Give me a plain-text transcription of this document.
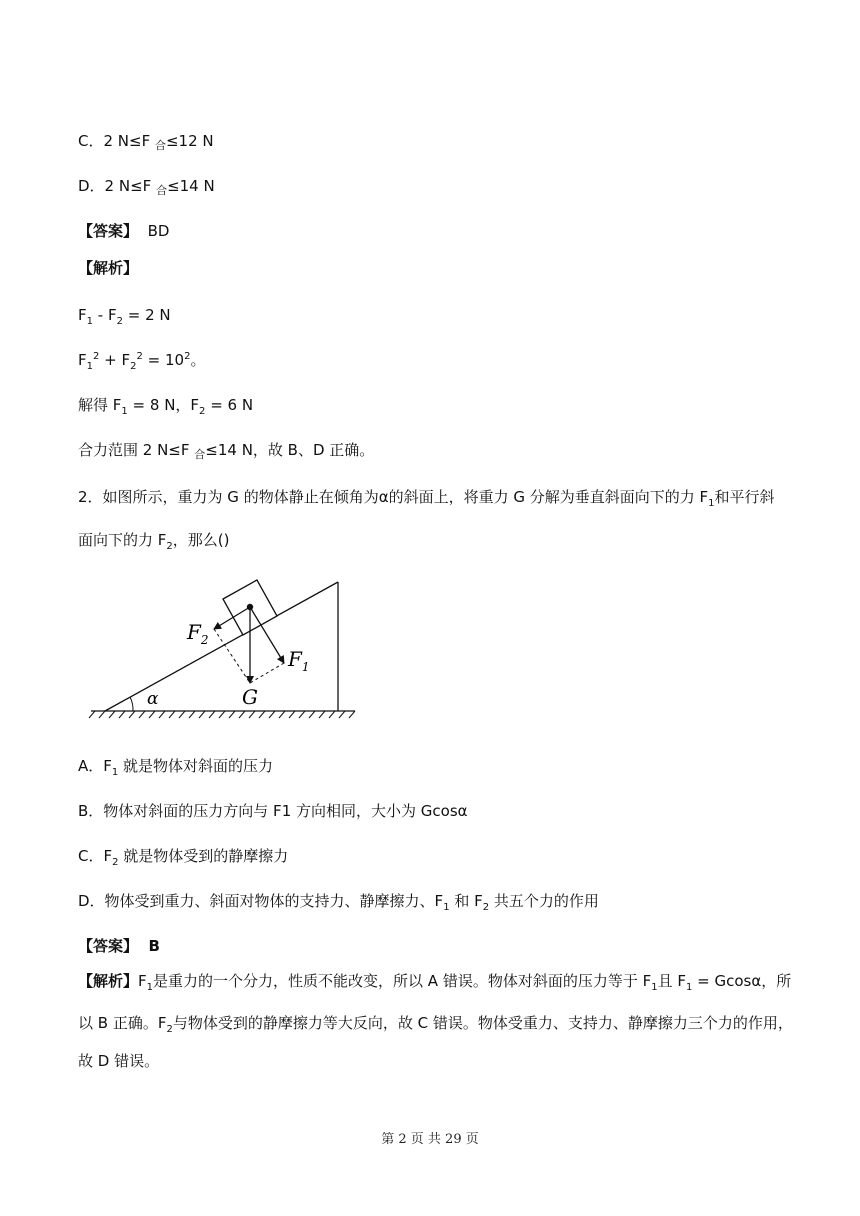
C．2 N≤F $_合$≤12 N
D．2 N≤F $_合$≤14 N
【答案】 BD
【解析】
$F_1 - F_2 = 2$ N
$F_1^2 + F_2^2 = 10^2$。
解得 $F_1 = 8$ N，$F_2 = 6$ N
合力范围 2 N≤F $_合$≤14 N，故 B、D 正确。
2．如图所示，重力为 G 的物体静止在倾角为α的斜面上，将重力 G 分解为垂直斜面向下的力 $F_1$和平行斜
面向下的力 $F_2$，那么()
α
$F_2$
$F_1$
G
A．$F_1$ 就是物体对斜面的压力
B．物体对斜面的压力方向与 F1 方向相同，大小为 Gcosα
C．$F_2$ 就是物体受到的静摩擦力
D．物体受到重力、斜面对物体的支持力、静摩擦力、$F_1$ 和 $F_2$ 共五个力的作用
【答案】 B
【解析】$F_1$是重力的一个分力，性质不能改变，所以 A 错误。物体对斜面的压力等于 $F_1$且 $F_1 = Gcos\alpha$，所
以 B 正确。$F_2$与物体受到的静摩擦力等大反向，故 C 错误。物体受重力、支持力、静摩擦力三个力的作用，
故 D 错误。
第 2 页 共 29 页
